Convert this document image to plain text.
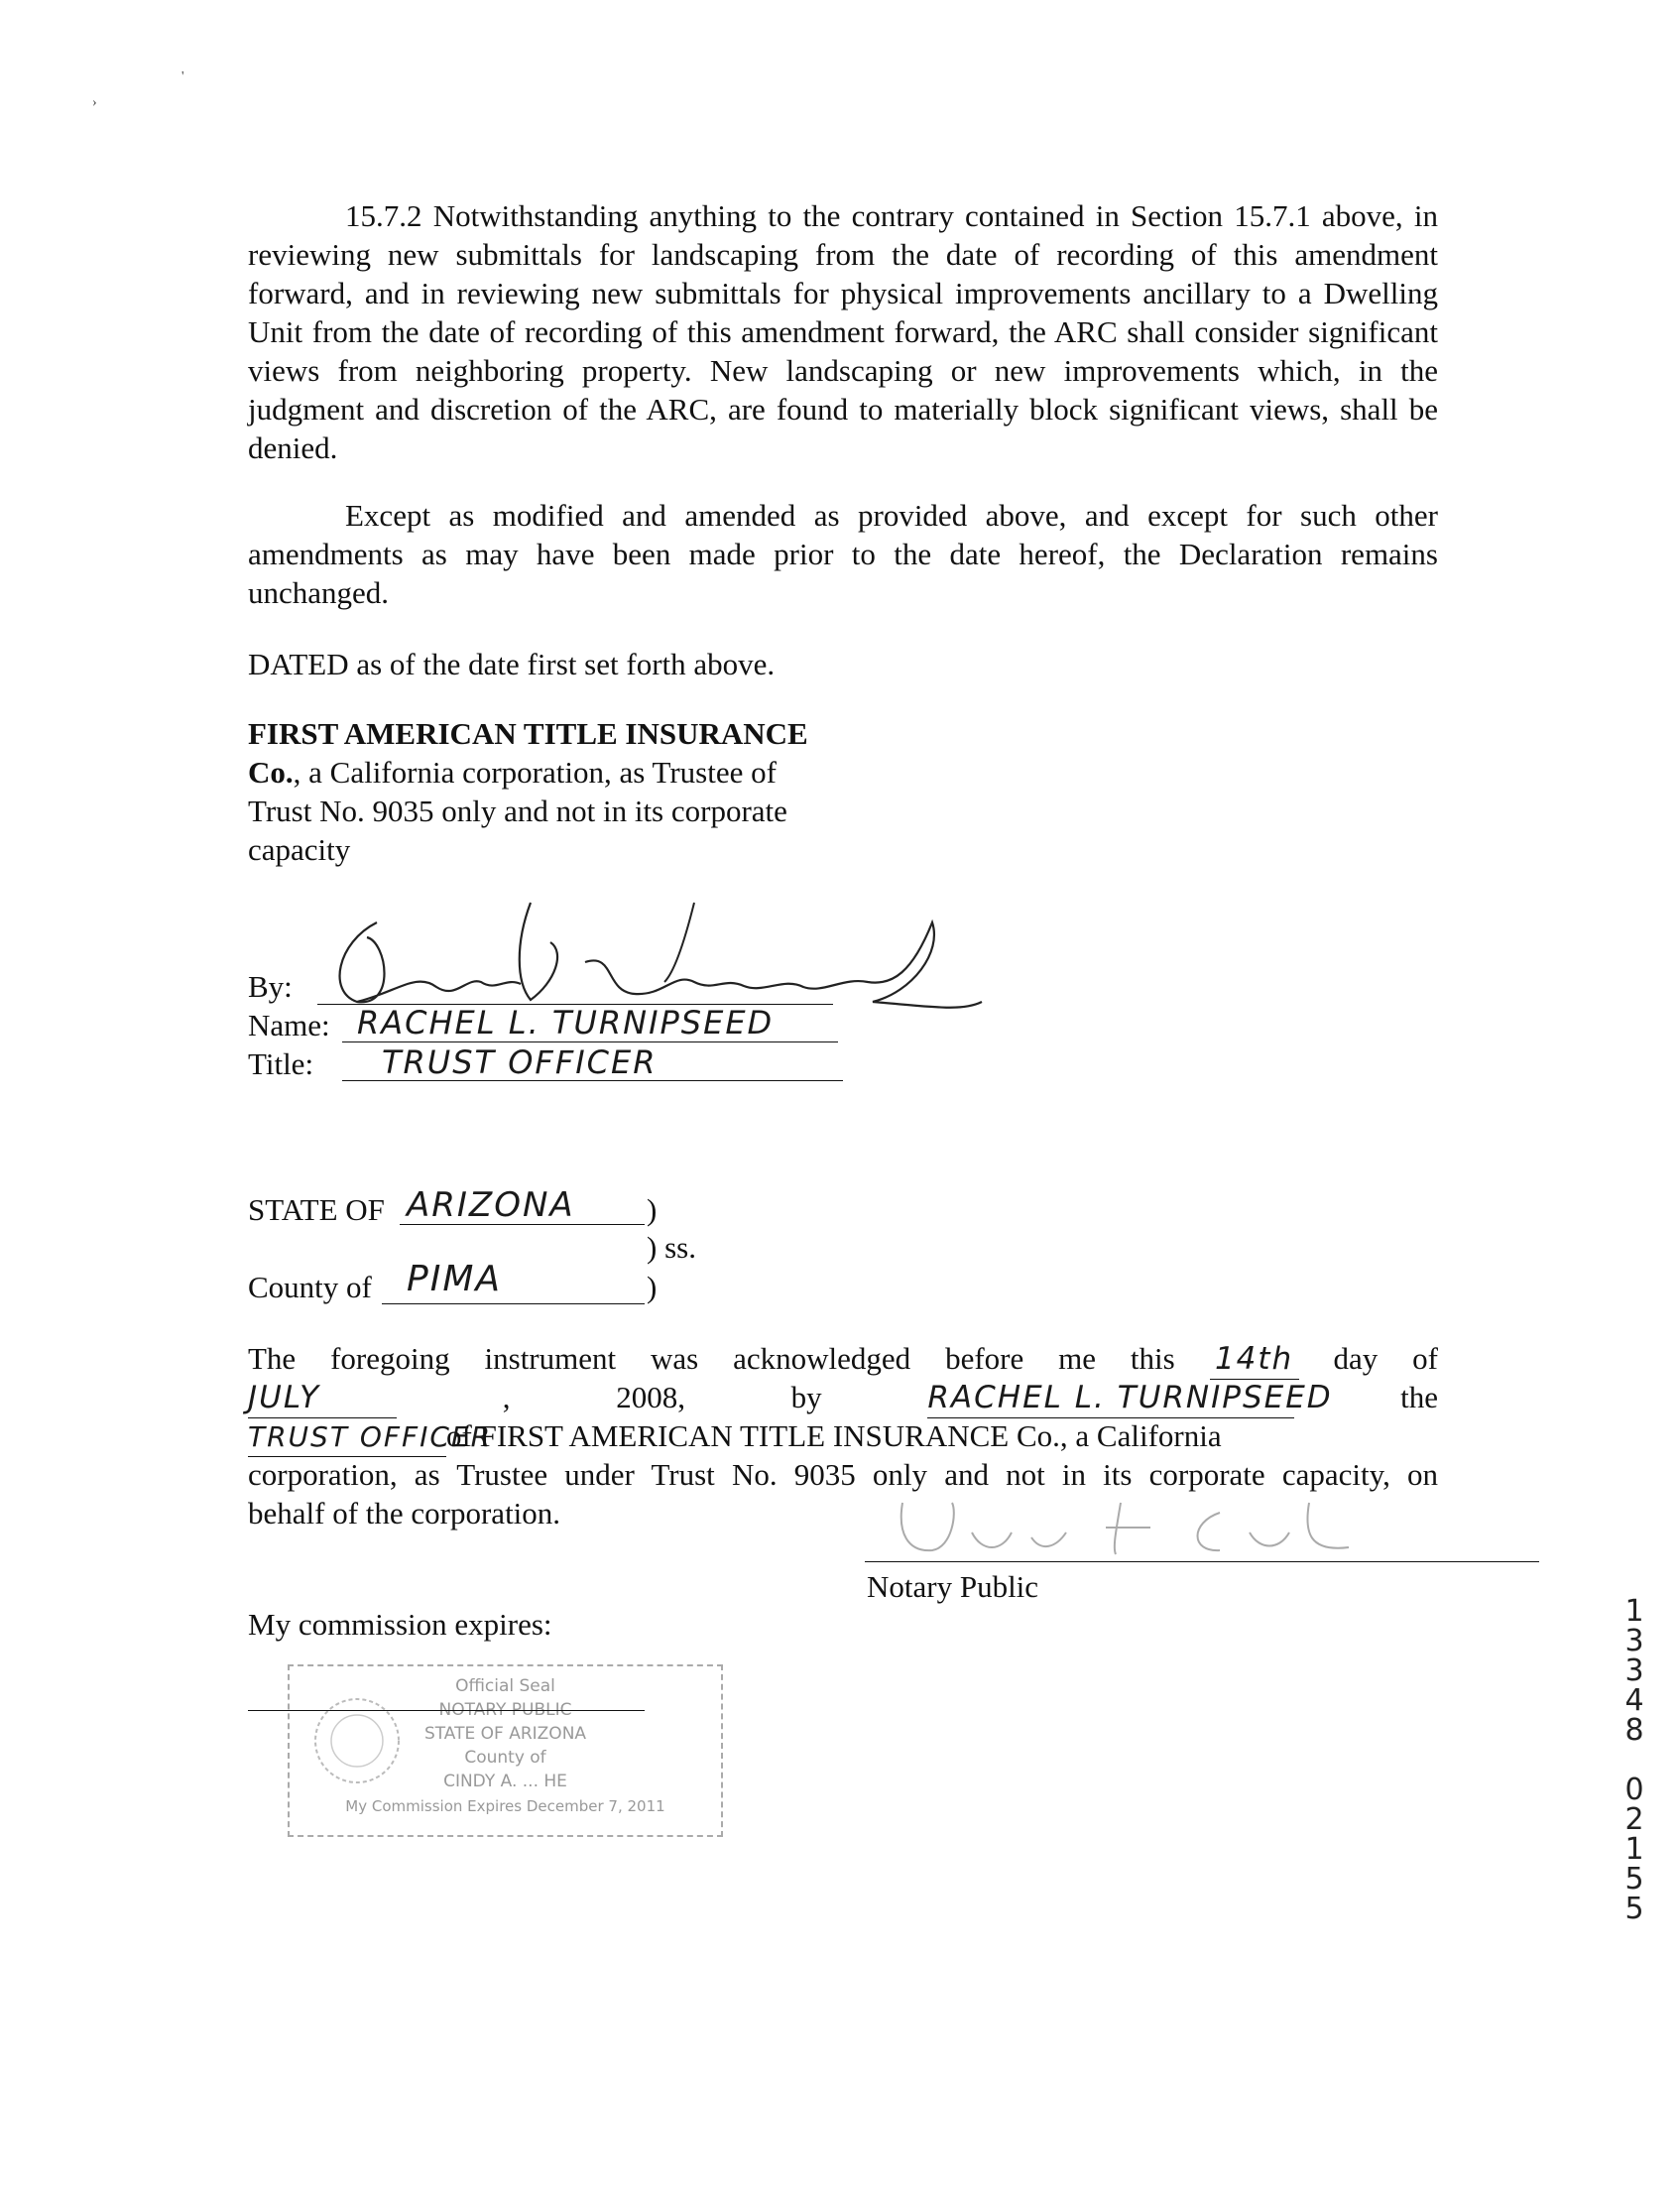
'
›

15.7.2 Notwithstanding anything to the contrary contained in Section 15.7.1 above, in reviewing new submittals for landscaping from the date of recording of this amendment forward, and in reviewing new submittals for physical improvements ancillary to a Dwelling Unit from the date of recording of this amendment forward, the ARC shall consider significant views from neighboring property. New landscaping or new improvements which, in the judgment and discretion of the ARC, are found to materially block significant views, shall be denied.

Except as modified and amended as provided above, and except for such other amendments as may have been made prior to the date hereof, the Declaration remains unchanged.

DATED as of the date first set forth above.
FIRST AMERICAN TITLE INSURANCE
Co., a California corporation, as Trustee of
Trust No. 9035 only and not in its corporate
capacity
By:
Name: RACHEL L. TURNIPSEED
Title: TRUST OFFICER
STATE OF ARIZONA )
) ss.
County of PIMA	)
The foregoing instrument was acknowledged before me this 14th day of
JULY	,	2008,	by	RACHEL L. TURNIPSEED the
TRUST OFFICERof FIRST AMERICAN TITLE INSURANCE Co., a California
corporation, as Trustee under Trust No. 9035 only and not in its corporate capacity, on
behalf of the corporation.
Notary Public
My commission expires:
Official Seal
NOTARY PUBLIC
STATE OF ARIZONA
County of
CINDY A. ... HE
My Commission Expires December 7, 2011
1
3
3
4
8
0
2
1
5
5
